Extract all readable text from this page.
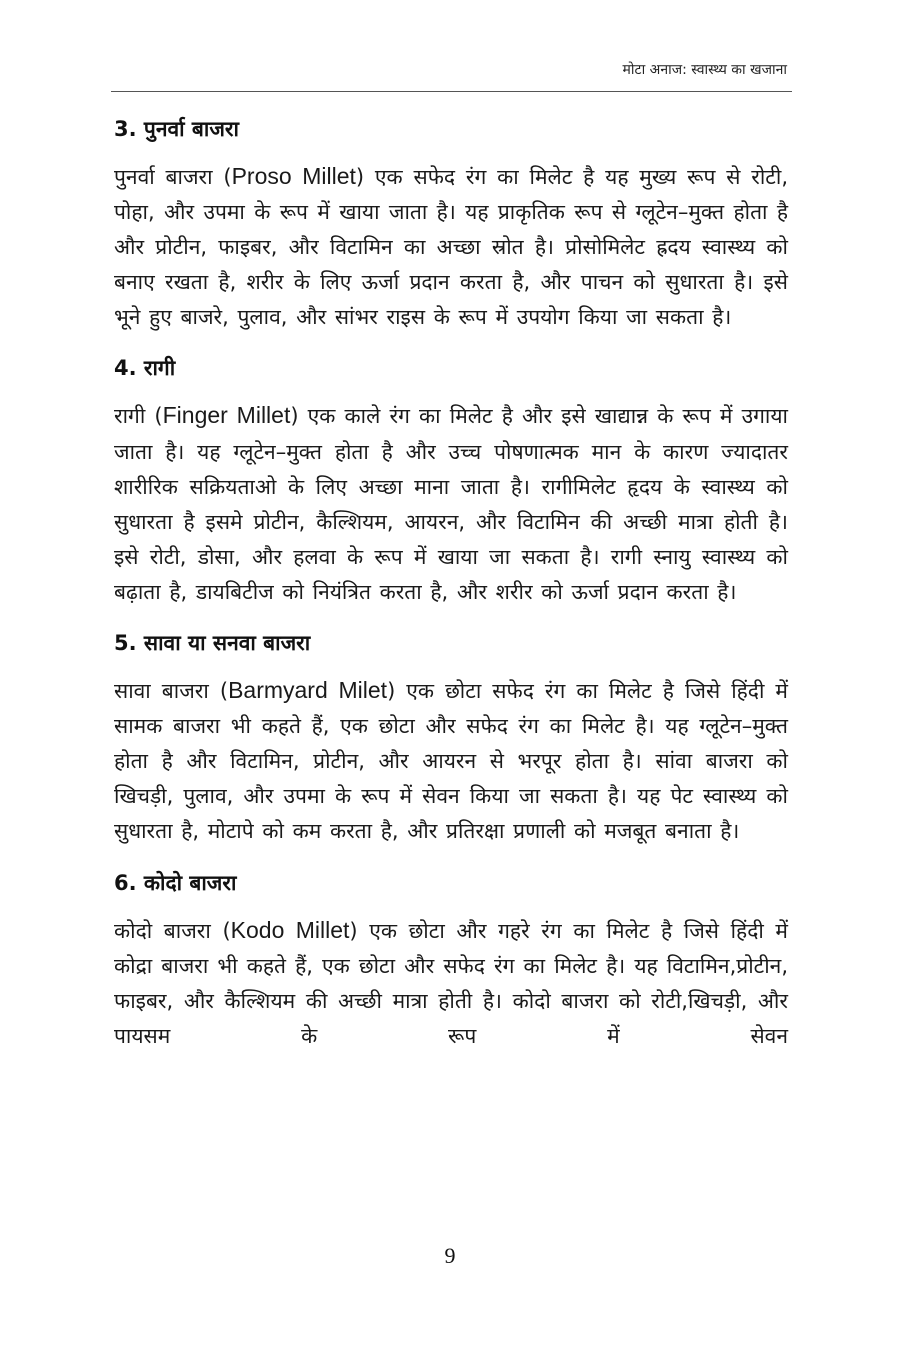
मोटा अनाज: स्वास्थ्य का खजाना
3. पुनर्वा बाजरा

पुनर्वा बाजरा (Proso Millet) एक सफेद रंग का मिलेट है यह मुख्य रूप से रोटी, पोहा, और उपमा के रूप में खाया जाता है। यह प्राकृतिक रूप से ग्लूटेन–मुक्त होता है और प्रोटीन, फाइबर, और विटामिन का अच्छा स्रोत है। प्रोसोमिलेट ह्रदय स्वास्थ्य को बनाए रखता है, शरीर के लिए ऊर्जा प्रदान करता है, और पाचन को सुधारता है। इसे भूने हुए बाजरे, पुलाव, और सांभर राइस के रूप में उपयोग किया जा सकता है।

4. रागी

रागी (Finger Millet) एक काले रंग का मिलेट है और इसे खाद्यान्न के रूप में उगाया जाता है। यह ग्लूटेन–मुक्त होता है और उच्च पोषणात्मक मान के कारण ज्यादातर शारीरिक सक्रियताओ के लिए अच्छा माना जाता है। रागीमिलेट हृदय के स्वास्थ्य को सुधारता है इसमे प्रोटीन, कैल्शियम, आयरन, और विटामिन की अच्छी मात्रा होती है। इसे रोटी, डोसा, और हलवा के रूप में खाया जा सकता है। रागी स्नायु स्वास्थ्य को बढ़ाता है, डायबिटीज को नियंत्रित करता है, और शरीर को ऊर्जा प्रदान करता है।

5. सावा या सनवा बाजरा

सावा बाजरा (Barmyard Milet) एक छोटा सफेद रंग का मिलेट है जिसे हिंदी में सामक बाजरा भी कहते हैं, एक छोटा और सफेद रंग का मिलेट है। यह ग्लूटेन–मुक्त होता है और विटामिन, प्रोटीन, और आयरन से भरपूर होता है। सांवा बाजरा को खिचड़ी, पुलाव, और उपमा के रूप में सेवन किया जा सकता है। यह पेट स्वास्थ्य को सुधारता है, मोटापे को कम करता है, और प्रतिरक्षा प्रणाली को मजबूत बनाता है।

6. कोदो बाजरा

कोदो बाजरा (Kodo Millet) एक छोटा और गहरे रंग का मिलेट है जिसे हिंदी में कोद्रा बाजरा भी कहते हैं, एक छोटा और सफेद रंग का मिलेट है। यह विटामिन,प्रोटीन, फाइबर, और कैल्शियम की अच्छी मात्रा होती है। कोदो बाजरा को रोटी,खिचड़ी, और पायसम के रूप में सेवन

9
